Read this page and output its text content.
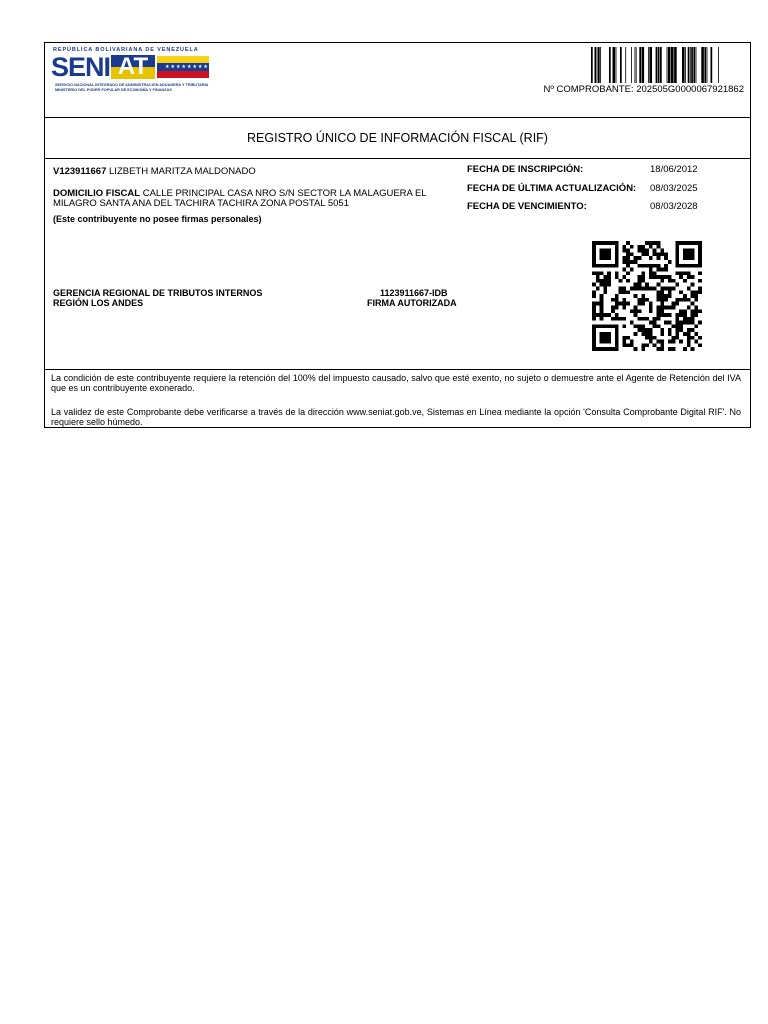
REPÚBLICA BOLIVARIANA DE VENEZUELA
SENI AT	★★★★★★★★
SERVICIO NACIONAL INTEGRADO DE ADMINISTRACIÓN ADUANERA Y TRIBUTARIA
MINISTERIO DEL PODER POPULAR DE ECONOMÍA Y FINANZAS	Nº COMPROBANTE: 202505G0000067921862
REGISTRO ÚNICO DE INFORMACIÓN FISCAL (RIF)
V123911667 LIZBETH MARITZA MALDONADO
DOMICILIO FISCAL CALLE PRINCIPAL CASA NRO S/N SECTOR LA MALAGUERA EL MILAGRO SANTA ANA DEL TACHIRA TACHIRA ZONA POSTAL 5051
(Este contribuyente no posee firmas personales)
FECHA DE INSCRIPCIÓN:	18/06/2012
FECHA DE ÚLTIMA ACTUALIZACIÓN: 08/03/2025
FECHA DE VENCIMIENTO:	08/03/2028
GERENCIA REGIONAL DE TRIBUTOS INTERNOS
REGIÓN LOS ANDES
1123911667-IDB
FIRMA AUTORIZADA
La condición de este contribuyente requiere la retención del 100% del impuesto causado, salvo que esté exento, no sujeto o demuestre ante el Agente de Retención del IVA que es un contribuyente exonerado.
La validez de este Comprobante debe verificarse a través de la dirección www.seniat.gob.ve, Sistemas en Línea mediante la opción 'Consulta Comprobante Digital RIF'. No requiere sello húmedo.
